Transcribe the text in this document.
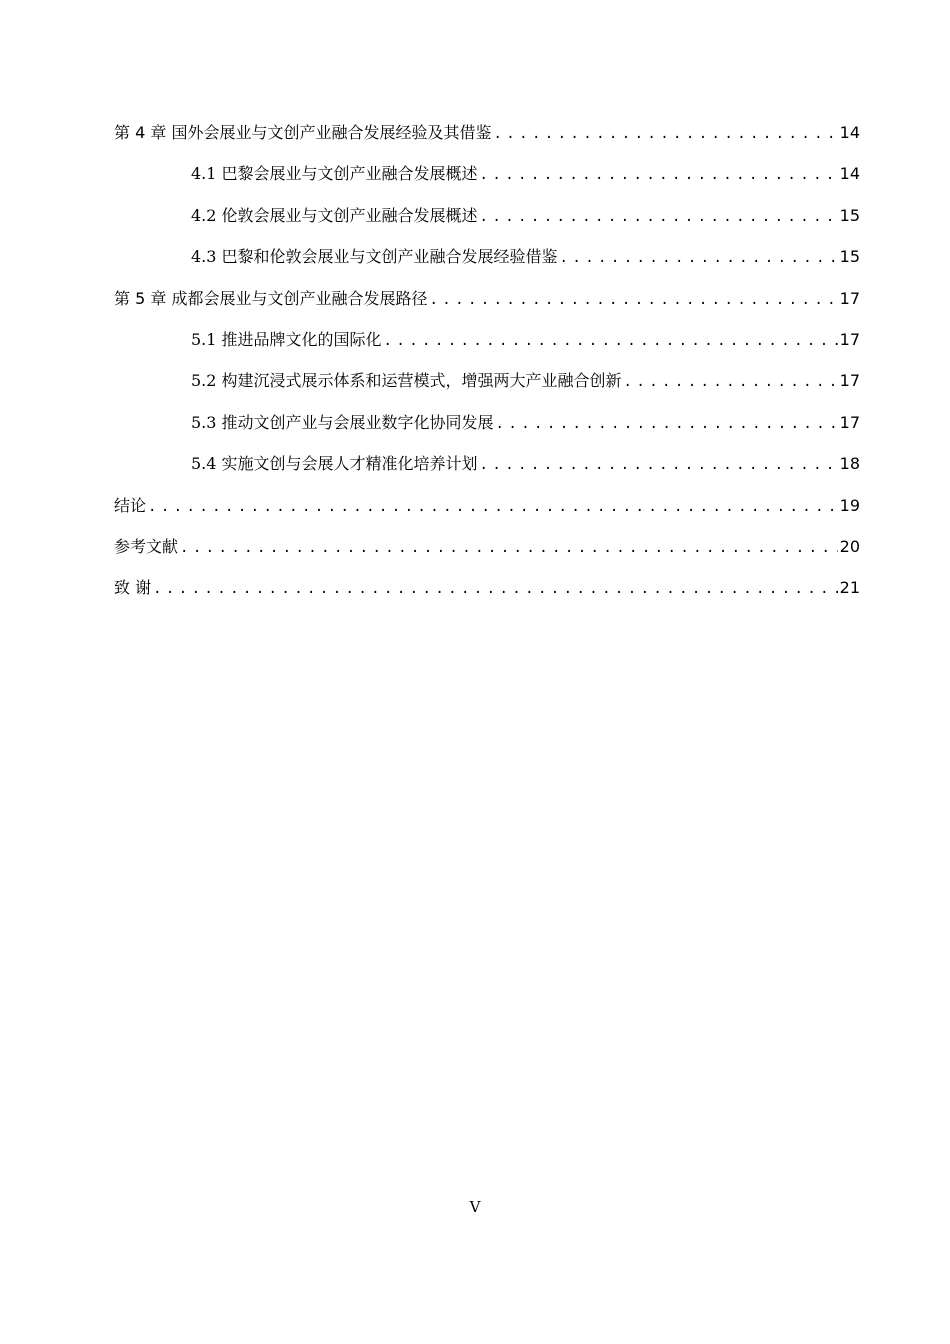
第 4 章 国外会展业与文创产业融合发展经验及其借鉴 .....	14
4.1 巴黎会展业与文创产业融合发展概述 .....	14
4.2 伦敦会展业与文创产业融合发展概述 .....	15
4.3 巴黎和伦敦会展业与文创产业融合发展经验借鉴 .....	15
第 5 章 成都会展业与文创产业融合发展路径 .....	17
5.1 推进品牌文化的国际化 .....	17
5.2 构建沉浸式展示体系和运营模式，增强两大产业融合创新 .....	17
5.3 推动文创产业与会展业数字化协同发展 .....	17
5.4 实施文创与会展人才精准化培养计划 .....	18
结论 .....	19
参考文献 .....	20
致 谢 .....	21
V
